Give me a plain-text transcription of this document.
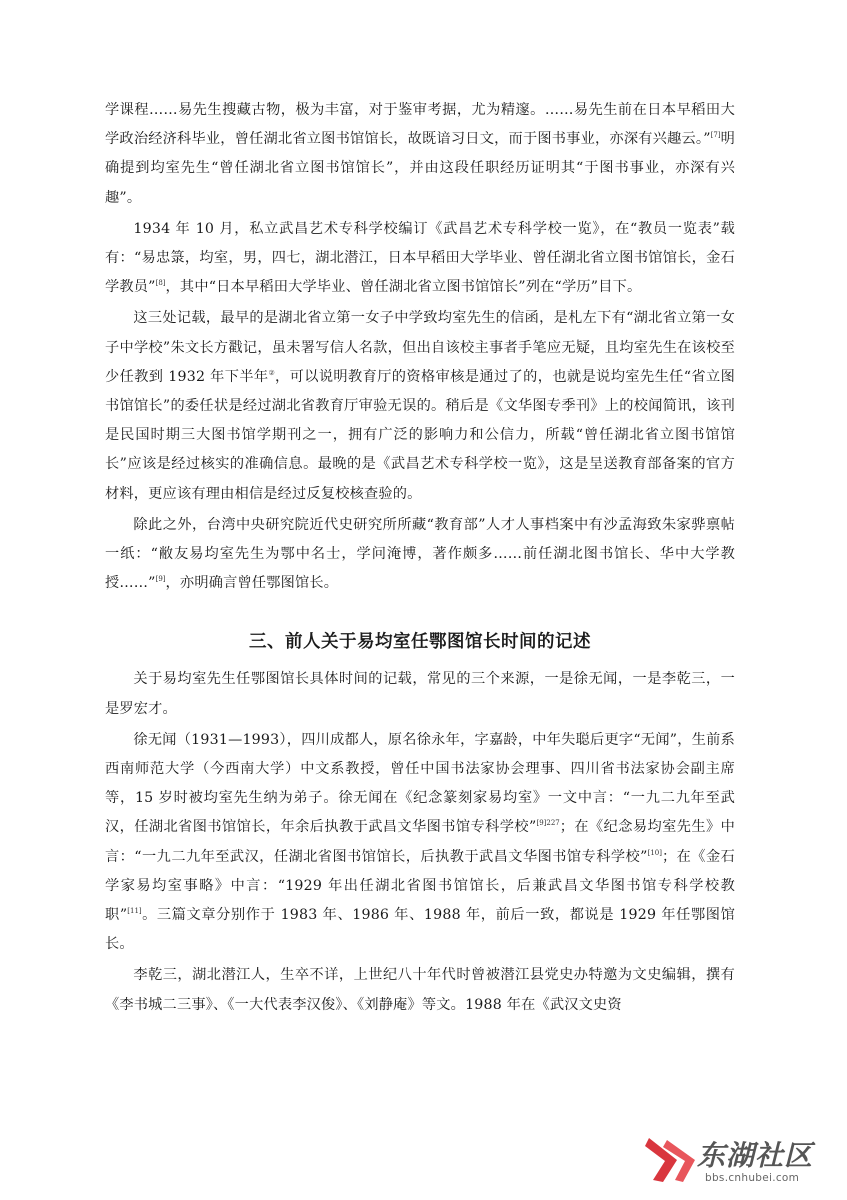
学课程……易先生搜藏古物，极为丰富，对于鉴审考据，尤为精邃。……易先生前在日本早稻田大学政治经济科毕业，曾任湖北省立图书馆馆长，故既谙习日文，而于图书事业，亦深有兴趣云。”[7]明确提到均室先生“曾任湖北省立图书馆馆长”，并由这段任职经历证明其“于图书事业，亦深有兴趣”。

1934 年 10 月，私立武昌艺术专科学校编订《武昌艺术专科学校一览》，在“教员一览表”载有：“易忠箓，均室，男，四七，湖北潜江，日本早稻田大学毕业、曾任湖北省立图书馆馆长，金石学教员”[8]，其中“日本早稻田大学毕业、曾任湖北省立图书馆馆长”列在“学历”目下。

这三处记载，最早的是湖北省立第一女子中学致均室先生的信函，是札左下有“湖北省立第一女子中学校”朱文长方戳记，虽未署写信人名款，但出自该校主事者手笔应无疑，且均室先生在该校至少任教到 1932 年下半年②，可以说明教育厅的资格审核是通过了的，也就是说均室先生任“省立图书馆馆长”的委任状是经过湖北省教育厅审验无误的。稍后是《文华图专季刊》上的校闻简讯，该刊是民国时期三大图书馆学期刊之一，拥有广泛的影响力和公信力，所载“曾任湖北省立图书馆馆长”应该是经过核实的准确信息。最晚的是《武昌艺术专科学校一览》，这是呈送教育部备案的官方材料，更应该有理由相信是经过反复校核查验的。

除此之外，台湾中央研究院近代史研究所所藏“教育部”人才人事档案中有沙孟海致朱家骅禀帖一纸：“敝友易均室先生为鄂中名士，学问淹博，著作颇多……前任湖北图书馆长、华中大学教授……”[9]，亦明确言曾任鄂图馆长。

三、前人关于易均室任鄂图馆长时间的记述

关于易均室先生任鄂图馆长具体时间的记载，常见的三个来源，一是徐无闻，一是李乾三，一是罗宏才。

徐无闻（1931—1993），四川成都人，原名徐永年，字嘉龄，中年失聪后更字“无闻”，生前系西南师范大学（今西南大学）中文系教授，曾任中国书法家协会理事、四川省书法家协会副主席等，15 岁时被均室先生纳为弟子。徐无闻在《纪念篆刻家易均室》一文中言：“一九二九年至武汉，任湖北省图书馆馆长，年余后执教于武昌文华图书馆专科学校”$^{[9]227}$；在《纪念易均室先生》中言：“一九二九年至武汉，任湖北省图书馆馆长，后执教于武昌文华图书馆专科学校”[10]；在《金石学家易均室事略》中言：“1929 年出任湖北省图书馆馆长，后兼武昌文华图书馆专科学校教职”[11]。三篇文章分别作于 1983 年、1986 年、1988 年，前后一致，都说是 1929 年任鄂图馆长。

李乾三，湖北潜江人，生卒不详，上世纪八十年代时曾被潜江县党史办特邀为文史编辑，撰有《李书城二三事》、《一大代表李汉俊》、《刘静庵》等文。1988 年在《武汉文史资

东湖社区
bbs.cnhubei.com
